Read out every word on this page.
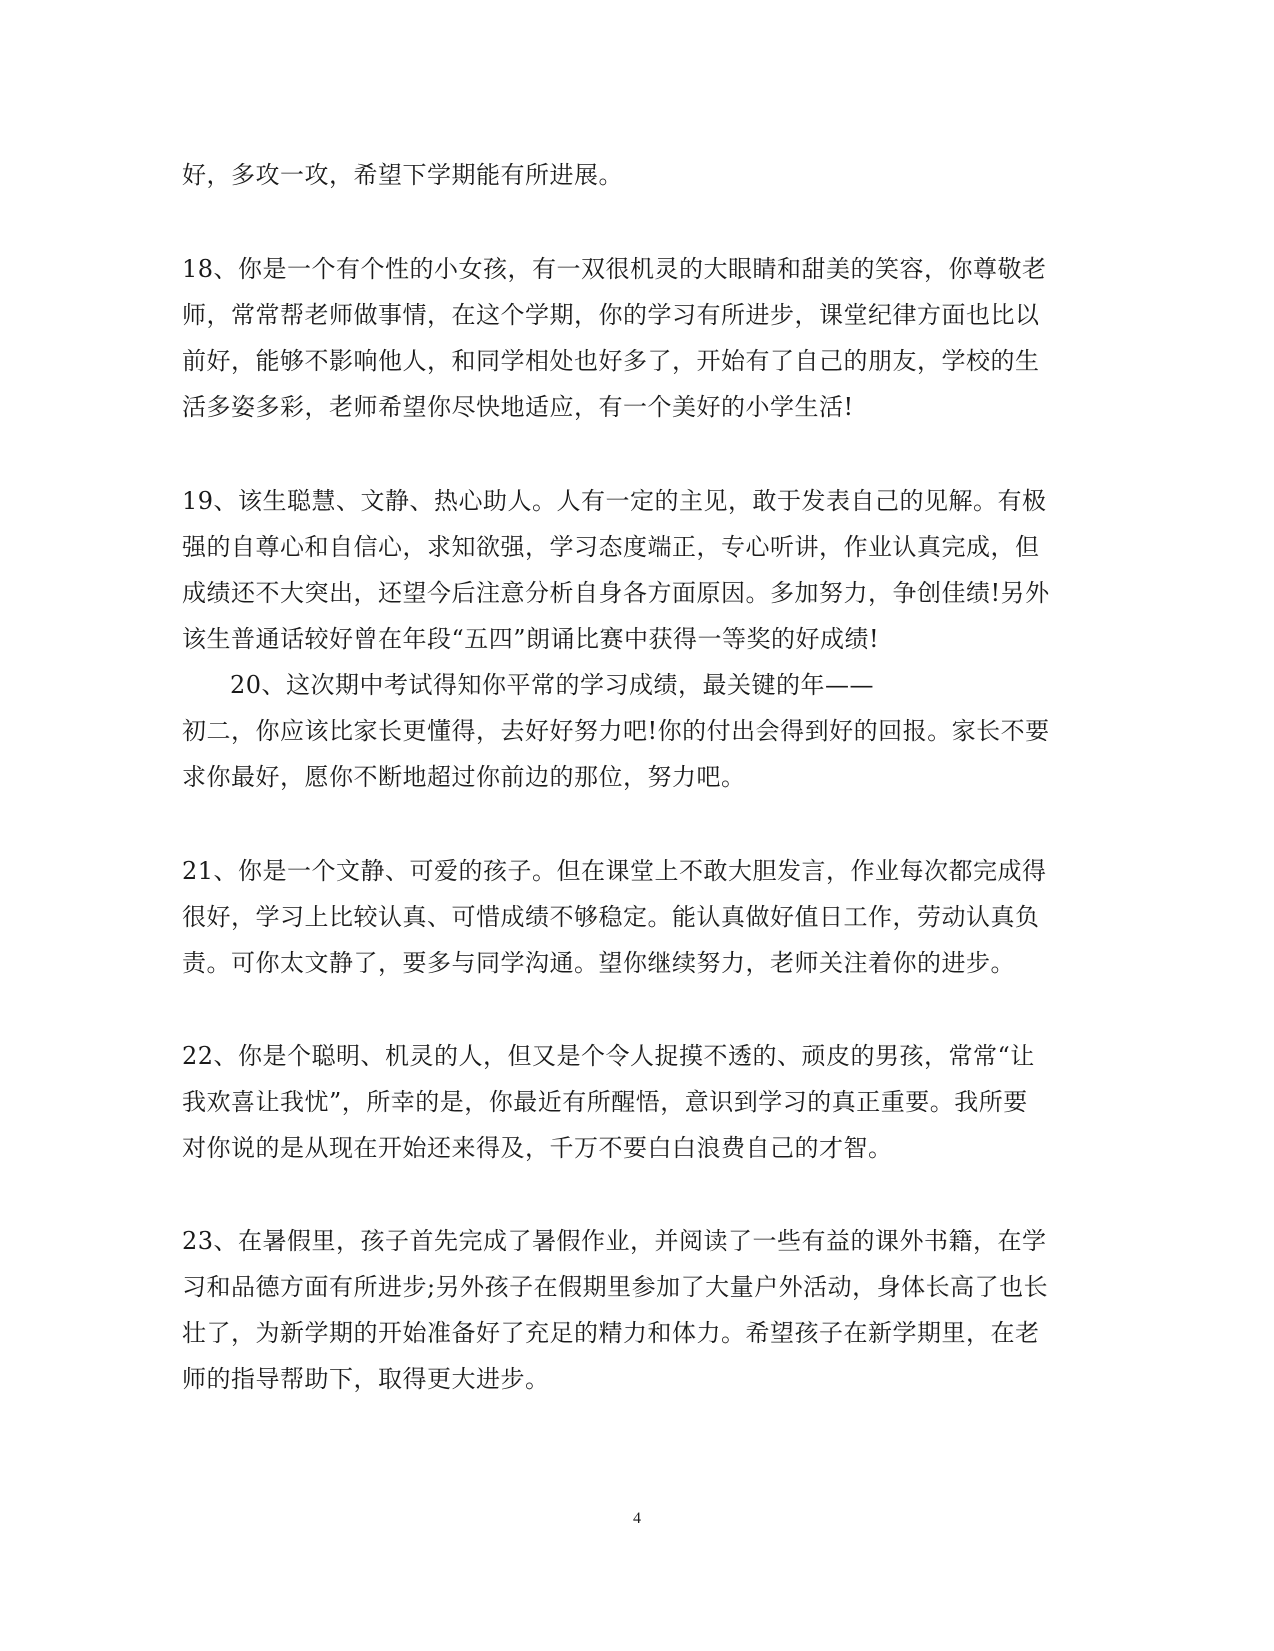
好，多攻一攻，希望下学期能有所进展。
18、你是一个有个性的小女孩，有一双很机灵的大眼睛和甜美的笑容，你尊敬老
师，常常帮老师做事情，在这个学期，你的学习有所进步，课堂纪律方面也比以
前好，能够不影响他人，和同学相处也好多了，开始有了自己的朋友，学校的生
活多姿多彩，老师希望你尽快地适应，有一个美好的小学生活!
19、该生聪慧、文静、热心助人。人有一定的主见，敢于发表自己的见解。有极
强的自尊心和自信心，求知欲强，学习态度端正，专心听讲，作业认真完成，但
成绩还不大突出，还望今后注意分析自身各方面原因。多加努力，争创佳绩!另外
该生普通话较好曾在年段“五四”朗诵比赛中获得一等奖的好成绩!
20、这次期中考试得知你平常的学习成绩，最关键的年——
初二，你应该比家长更懂得，去好好努力吧!你的付出会得到好的回报。家长不要
求你最好，愿你不断地超过你前边的那位，努力吧。
21、你是一个文静、可爱的孩子。但在课堂上不敢大胆发言，作业每次都完成得
很好，学习上比较认真、可惜成绩不够稳定。能认真做好值日工作，劳动认真负
责。可你太文静了，要多与同学沟通。望你继续努力，老师关注着你的进步。
22、你是个聪明、机灵的人，但又是个令人捉摸不透的、顽皮的男孩，常常“让
我欢喜让我忧”，所幸的是，你最近有所醒悟，意识到学习的真正重要。我所要
对你说的是从现在开始还来得及，千万不要白白浪费自己的才智。
23、在暑假里，孩子首先完成了暑假作业，并阅读了一些有益的课外书籍，在学
习和品德方面有所进步;另外孩子在假期里参加了大量户外活动，身体长高了也长
壮了，为新学期的开始准备好了充足的精力和体力。希望孩子在新学期里，在老
师的指导帮助下，取得更大进步。
4
